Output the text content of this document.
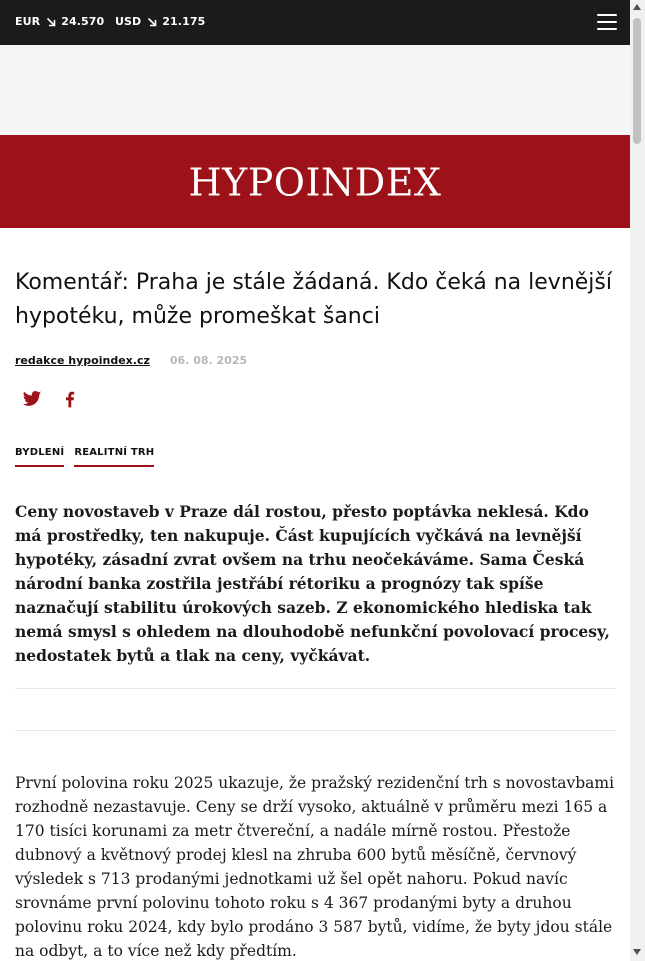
EUR 24.570 USD 21.175
HYPOINDEX
Komentář: Praha je stále žádaná. Kdo čeká na levnější hypotéku, může promeškat šanci
redakce hypoindex.cz 06. 08. 2025
BYDLENÍ REALITNÍ TRH

Ceny novostaveb v Praze dál rostou, přesto poptávka neklesá. Kdo má prostředky, ten nakupuje. Část kupujících vyčkává na levnější hypotéky, zásadní zvrat ovšem na trhu neočekáváme. Sama Česká národní banka zostřila jestřábí rétoriku a prognózy tak spíše naznačují stabilitu úrokových sazeb. Z ekonomického hlediska tak nemá smysl s ohledem na dlouhodobě nefunkční povolovací procesy, nedostatek bytů a tlak na ceny, vyčkávat.

První polovina roku 2025 ukazuje, že pražský rezidenční trh s novostavbami rozhodně nezastavuje. Ceny se drží vysoko, aktuálně v průměru mezi 165 a 170 tisíci korunami za metr čtvereční, a nadále mírně rostou. Přestože dubnový a květnový prodej klesl na zhruba 600 bytů měsíčně, červnový výsledek s 713 prodanými jednotkami už šel opět nahoru. Pokud navíc srovnáme první polovinu tohoto roku s 4 367 prodanými byty a druhou polovinu roku 2024, kdy bylo prodáno 3 587 bytů, vidíme, že byty jdou stále na odbyt, a to více než kdy předtím.
